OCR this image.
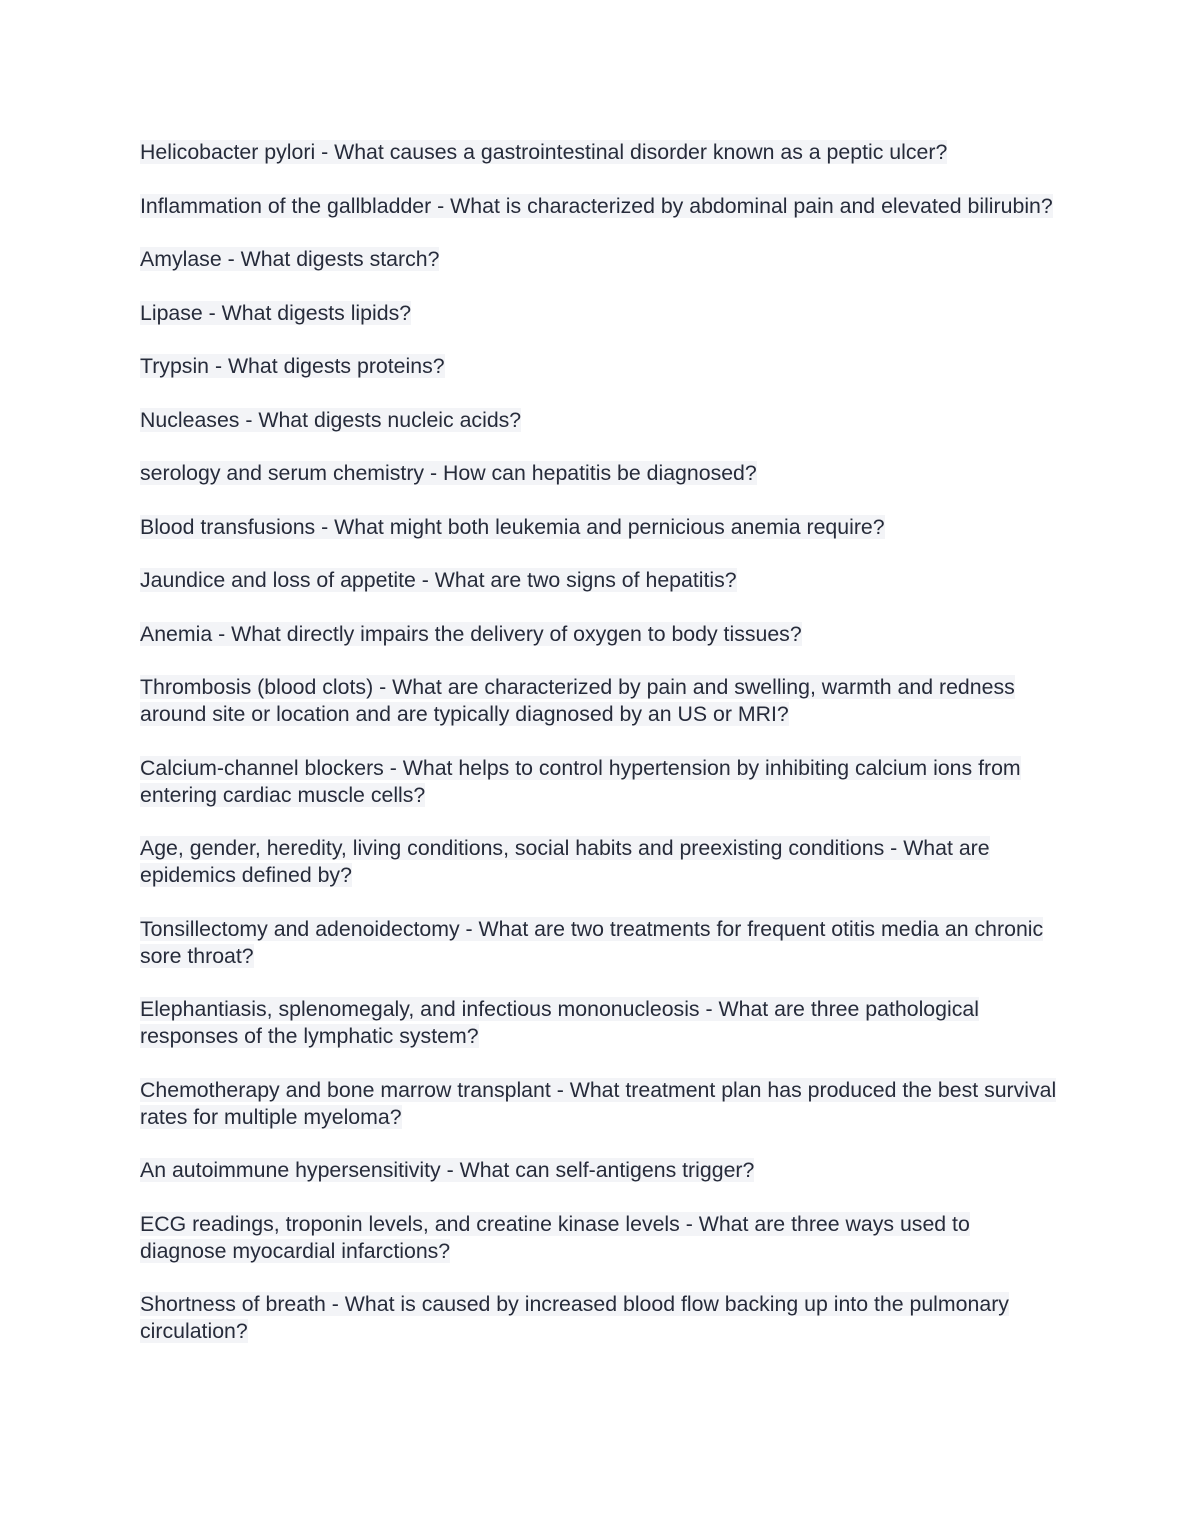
Helicobacter pylori - What causes a gastrointestinal disorder known as a peptic ulcer?

Inflammation of the gallbladder - What is characterized by abdominal pain and elevated bilirubin?

Amylase - What digests starch?

Lipase - What digests lipids?

Trypsin - What digests proteins?

Nucleases - What digests nucleic acids?

serology and serum chemistry - How can hepatitis be diagnosed?

Blood transfusions - What might both leukemia and pernicious anemia require?

Jaundice and loss of appetite - What are two signs of hepatitis?

Anemia - What directly impairs the delivery of oxygen to body tissues?

Thrombosis (blood clots) - What are characterized by pain and swelling, warmth and redness around site or location and are typically diagnosed by an US or MRI?

Calcium-channel blockers - What helps to control hypertension by inhibiting calcium ions from entering cardiac muscle cells?

Age, gender, heredity, living conditions, social habits and preexisting conditions - What are epidemics defined by?

Tonsillectomy and adenoidectomy - What are two treatments for frequent otitis media an chronic sore throat?

Elephantiasis, splenomegaly, and infectious mononucleosis - What are three pathological responses of the lymphatic system?

Chemotherapy and bone marrow transplant - What treatment plan has produced the best survival rates for multiple myeloma?

An autoimmune hypersensitivity - What can self-antigens trigger?

ECG readings, troponin levels, and creatine kinase levels - What are three ways used to diagnose myocardial infarctions?

Shortness of breath - What is caused by increased blood flow backing up into the pulmonary circulation?
